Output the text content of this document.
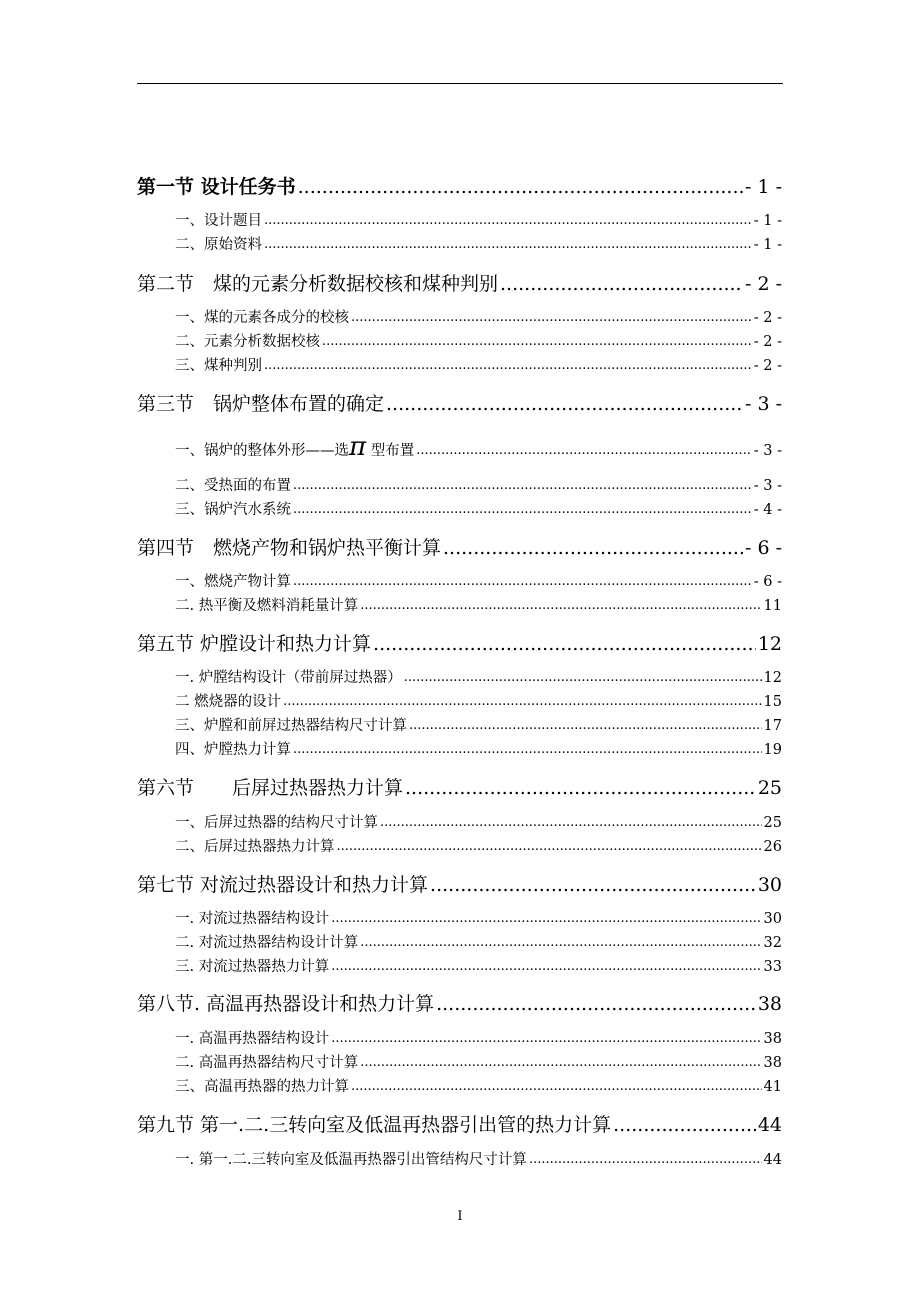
第一节 设计任务书 .....	- 1 -
一、设计题目 .....	- 1 -
二、原始资料 .....	- 1 -
第二节　煤的元素分析数据校核和煤种判别 .....	- 2 -
一、煤的元素各成分的校核 .....	- 2 -
二、元素分析数据校核 .....	- 2 -
三、煤种判别 .....	- 2 -
第三节　锅炉整体布置的确定 .....	- 3 -
一、锅炉的整体外形——选π 型布置 .....	- 3 -
二、受热面的布置 .....	- 3 -
三、锅炉汽水系统 .....	- 4 -
第四节　燃烧产物和锅炉热平衡计算 .....	- 6 -
一、燃烧产物计算 .....	- 6 -
二. 热平衡及燃料消耗量计算 .....	11
第五节 炉膛设计和热力计算 .....	12
一. 炉膛结构设计（带前屏过热器） .....	12
二 燃烧器的设计 .....	15
三、炉膛和前屏过热器结构尺寸计算 .....	17
四、炉膛热力计算 .....	19
第六节　　后屏过热器热力计算 .....	25
一、后屏过热器的结构尺寸计算 .....	25
二、后屏过热器热力计算 .....	26
第七节 对流过热器设计和热力计算 .....	30
一. 对流过热器结构设计 .....	30
二. 对流过热器结构设计计算 .....	32
三. 对流过热器热力计算 .....	33
第八节. 高温再热器设计和热力计算 .....	38
一. 高温再热器结构设计 .....	38
二. 高温再热器结构尺寸计算 .....	38
三、高温再热器的热力计算 .....	41
第九节 第一.二.三转向室及低温再热器引出管的热力计算 .....	44
一. 第一.二.三转向室及低温再热器引出管结构尺寸计算 .....	44
I
